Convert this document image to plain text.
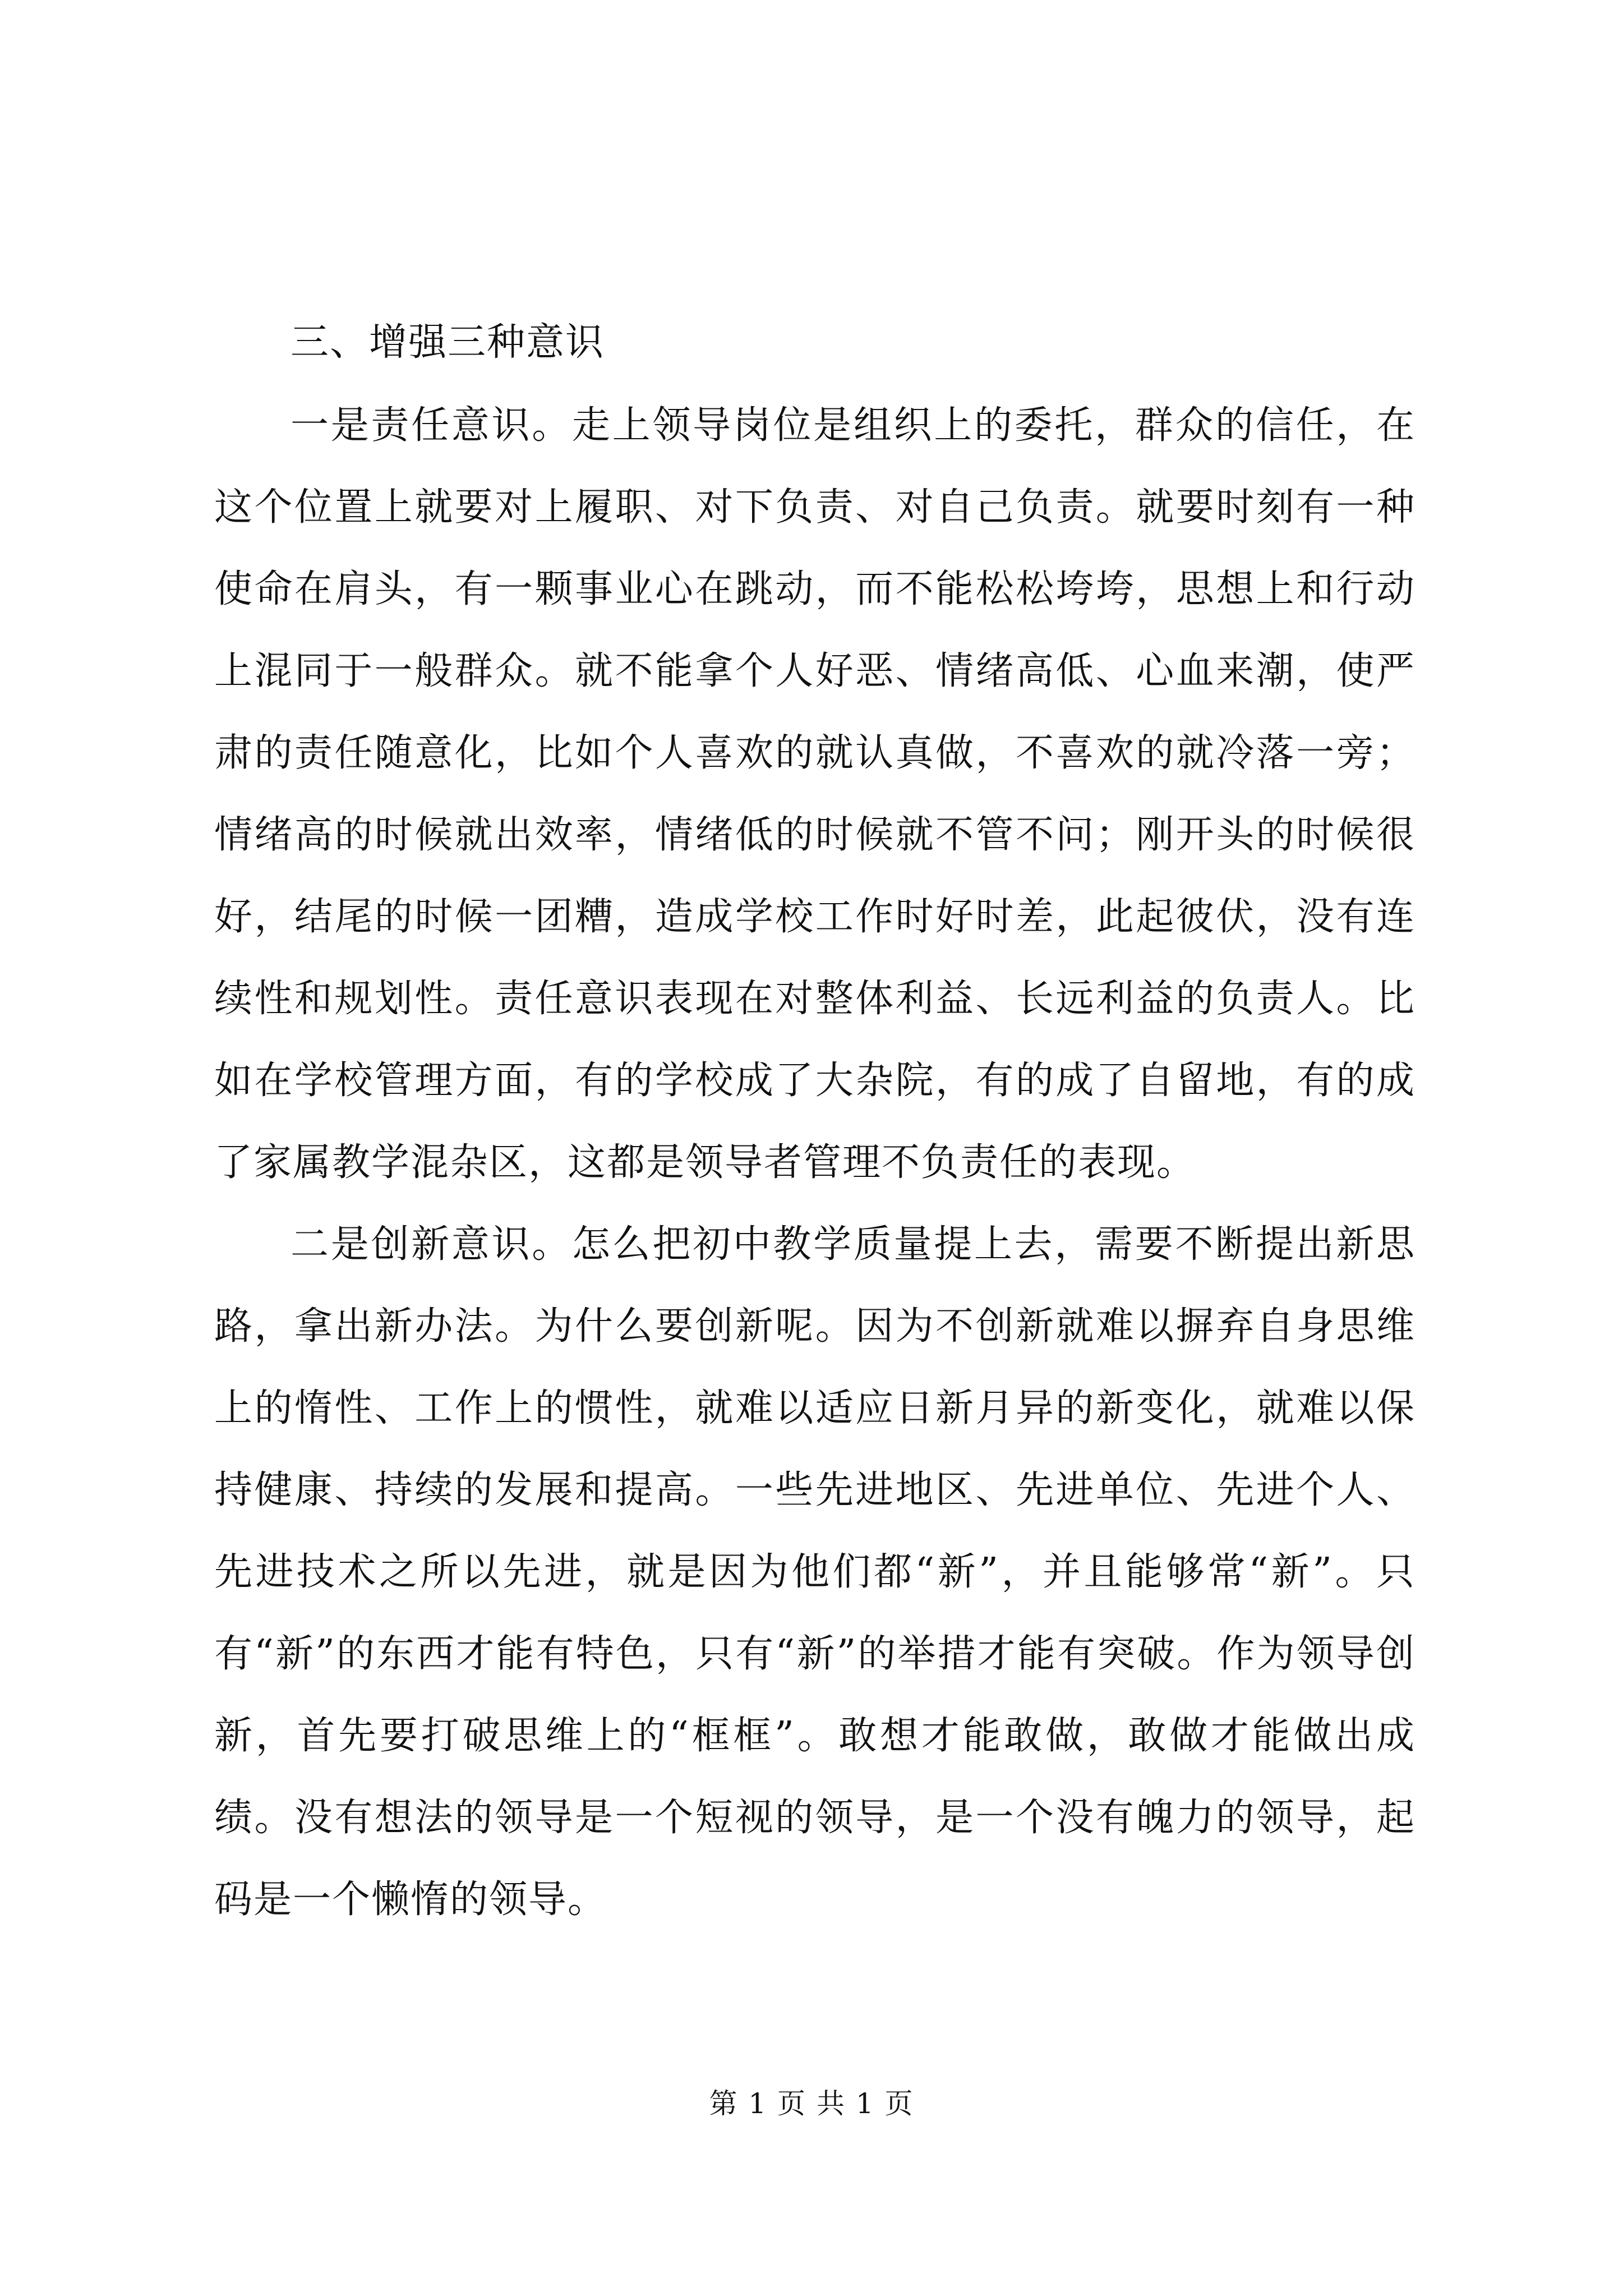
三、增强三种意识

一是责任意识。走上领导岗位是组织上的委托，群众的信任，在这个位置上就要对上履职、对下负责、对自己负责。就要时刻有一种使命在肩头，有一颗事业心在跳动，而不能松松垮垮，思想上和行动上混同于一般群众。就不能拿个人好恶、情绪高低、心血来潮，使严肃的责任随意化，比如个人喜欢的就认真做，不喜欢的就冷落一旁；情绪高的时候就出效率，情绪低的时候就不管不问；刚开头的时候很好，结尾的时候一团糟，造成学校工作时好时差，此起彼伏，没有连续性和规划性。责任意识表现在对整体利益、长远利益的负责人。比如在学校管理方面，有的学校成了大杂院，有的成了自留地，有的成了家属教学混杂区，这都是领导者管理不负责任的表现。

二是创新意识。怎么把初中教学质量提上去，需要不断提出新思路，拿出新办法。为什么要创新呢。因为不创新就难以摒弃自身思维上的惰性、工作上的惯性，就难以适应日新月异的新变化，就难以保持健康、持续的发展和提高。一些先进地区、先进单位、先进个人、先进技术之所以先进，就是因为他们都“新”，并且能够常“新”。只有“新”的东西才能有特色，只有“新”的举措才能有突破。作为领导创新，首先要打破思维上的“框框”。敢想才能敢做，敢做才能做出成绩。没有想法的领导是一个短视的领导，是一个没有魄力的领导，起码是一个懒惰的领导。

第 1 页 共 1 页
